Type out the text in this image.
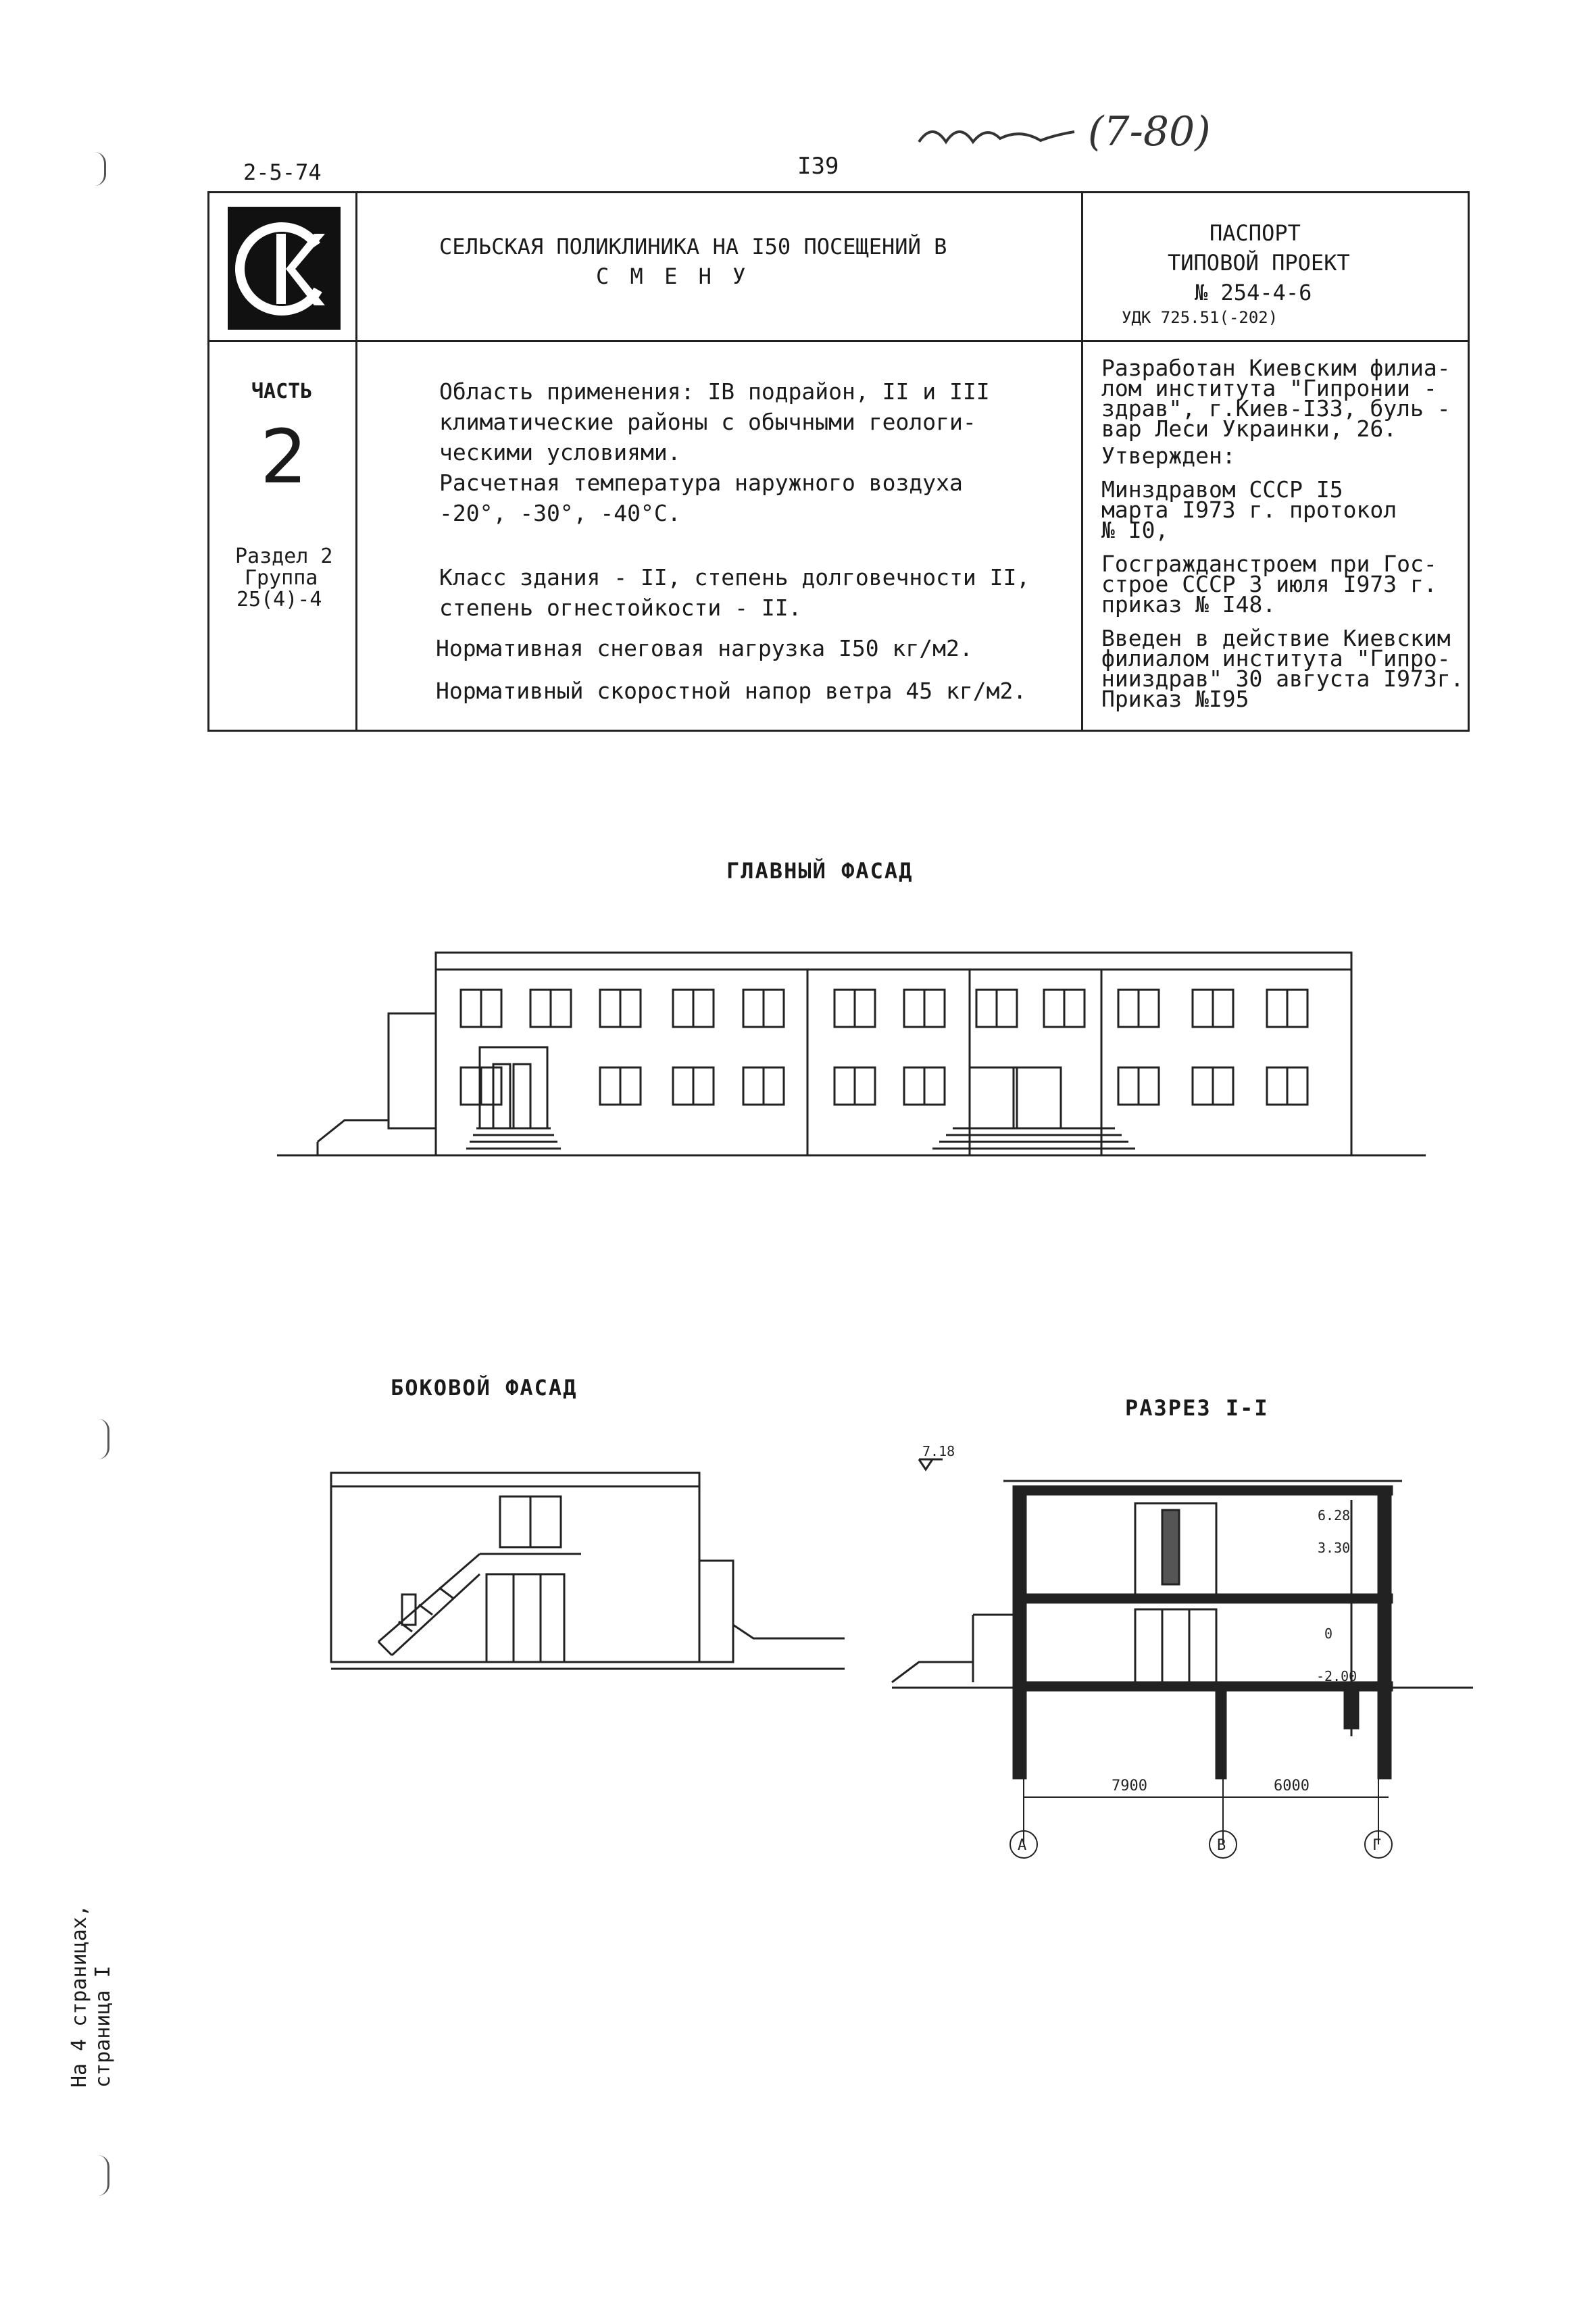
2-5-74	I39
(7-80)
СЕЛЬСКАЯ ПОЛИКЛИНИКА НА I50 ПОСЕЩЕНИЙ В
С М Е Н У
ПАСПОРТ
ТИПОВОЙ ПРОЕКТ
№ 254-4-6
УДК 725.51(-202)
ЧАСТЬ
2
Раздел 2
Группа
25(4)-4
Область применения: IB подрайон, II и III
климатические районы с обычными геологи-
ческими условиями.
Расчетная температура наружного воздуха
-20°, -30°, -40°C.
Класс здания - II, степень долговечности II,
степень огнестойкости - II.
Нормативная снеговая нагрузка I50 кг/м2.
Нормативный скоростной напор ветра 45 кг/м2.
Разработан Киевским филиа-
лом института "Гипронии -
здрав", г.Киев-I33, буль -
вар Леси Украинки, 26.
Утвержден:
Минздравом СССР I5
марта I973 г. протокол
№ I0,
Госгражданстроем при Гос-
строе СССР 3 июля I973 г.
приказ № I48.
Введен в действие Киевским
филиалом института "Гипро-
нииздрав" 30 августа I973г.
Приказ №I95
ГЛАВНЫЙ ФАСАД
БОКОВОЙ ФАСАД
РАЗРЕЗ I-I
7.18
6.28
3.30
0
-2.00
7900	6000
А	В	Г
На 4 страницах, страница I
